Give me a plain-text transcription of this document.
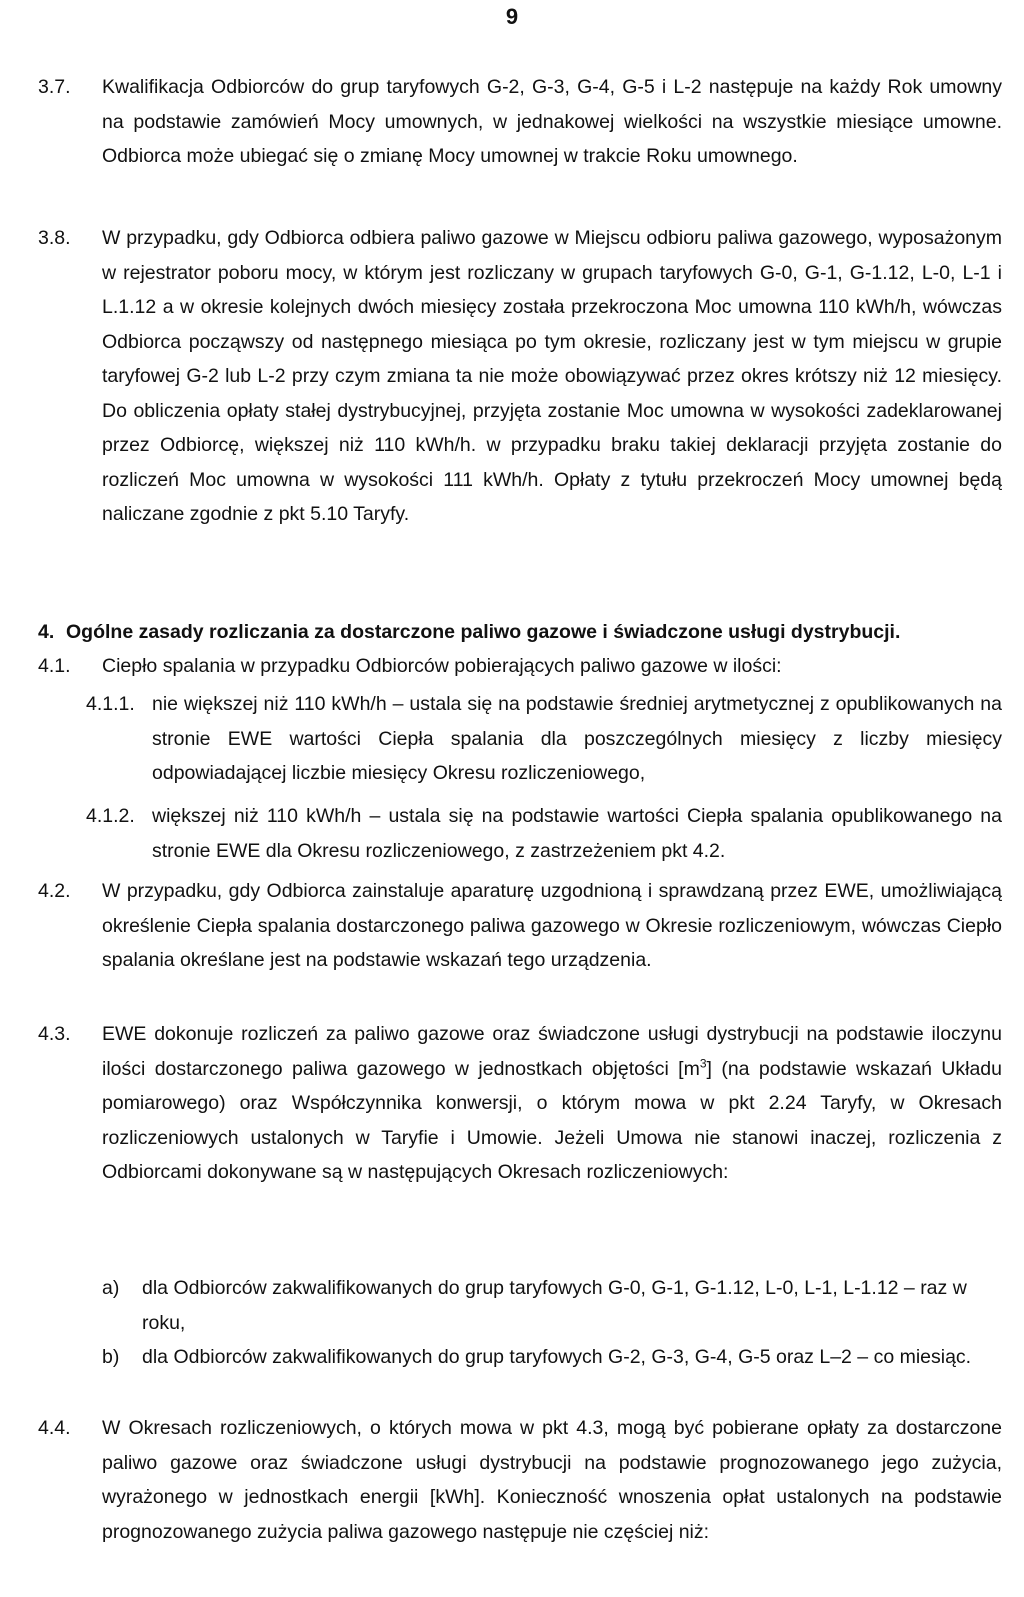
9
3.7. Kwalifikacja Odbiorców do grup taryfowych G-2, G-3, G-4, G-5 i L-2 następuje na każdy Rok umowny na podstawie zamówień Mocy umownych, w jednakowej wielkości na wszystkie miesiące umowne. Odbiorca może ubiegać się o zmianę Mocy umownej w trakcie Roku umownego.
3.8. W przypadku, gdy Odbiorca odbiera paliwo gazowe w Miejscu odbioru paliwa gazowego, wyposażonym w rejestrator poboru mocy, w którym jest rozliczany w grupach taryfowych G-0, G-1, G-1.12, L-0, L-1 i L.1.12 a w okresie kolejnych dwóch miesięcy została przekroczona Moc umowna 110 kWh/h, wówczas Odbiorca począwszy od następnego miesiąca po tym okresie, rozliczany jest w tym miejscu w grupie taryfowej G-2 lub L-2 przy czym zmiana ta nie może obowiązywać przez okres krótszy niż 12 miesięcy. Do obliczenia opłaty stałej dystrybucyjnej, przyjęta zostanie Moc umowna w wysokości zadeklarowanej przez Odbiorcę, większej niż 110 kWh/h. w przypadku braku takiej deklaracji przyjęta zostanie do rozliczeń Moc umowna w wysokości 111 kWh/h. Opłaty z tytułu przekroczeń Mocy umownej będą naliczane zgodnie z pkt 5.10 Taryfy.
4. Ogólne zasady rozliczania za dostarczone paliwo gazowe i świadczone usługi dystrybucji.
4.1. Ciepło spalania w przypadku Odbiorców pobierających paliwo gazowe w ilości:
4.1.1. nie większej niż 110 kWh/h – ustala się na podstawie średniej arytmetycznej z opublikowanych na stronie EWE wartości Ciepła spalania dla poszczególnych miesięcy z liczby miesięcy odpowiadającej liczbie miesięcy Okresu rozliczeniowego,
4.1.2. większej niż 110 kWh/h – ustala się na podstawie wartości Ciepła spalania opublikowanego na stronie EWE dla Okresu rozliczeniowego, z zastrzeżeniem pkt 4.2.
4.2. W przypadku, gdy Odbiorca zainstaluje aparaturę uzgodnioną i sprawdzaną przez EWE, umożliwiającą określenie Ciepła spalania dostarczonego paliwa gazowego w Okresie rozliczeniowym, wówczas Ciepło spalania określane jest na podstawie wskazań tego urządzenia.
4.3. EWE dokonuje rozliczeń za paliwo gazowe oraz świadczone usługi dystrybucji na podstawie iloczynu ilości dostarczonego paliwa gazowego w jednostkach objętości $[m^3]$ (na podstawie wskazań Układu pomiarowego) oraz Współczynnika konwersji, o którym mowa w pkt 2.24 Taryfy, w Okresach rozliczeniowych ustalonych w Taryfie i Umowie. Jeżeli Umowa nie stanowi inaczej, rozliczenia z Odbiorcami dokonywane są w następujących Okresach rozliczeniowych:
a) dla Odbiorców zakwalifikowanych do grup taryfowych G-0, G-1, G-1.12, L-0, L-1, L-1.12 – raz w roku,
b) dla Odbiorców zakwalifikowanych do grup taryfowych G-2, G-3, G-4, G-5 oraz L–2 – co miesiąc.
4.4. W Okresach rozliczeniowych, o których mowa w pkt 4.3, mogą być pobierane opłaty za dostarczone paliwo gazowe oraz świadczone usługi dystrybucji na podstawie prognozowanego jego zużycia, wyrażonego w jednostkach energii [kWh]. Konieczność wnoszenia opłat ustalonych na podstawie prognozowanego zużycia paliwa gazowego następuje nie częściej niż:
